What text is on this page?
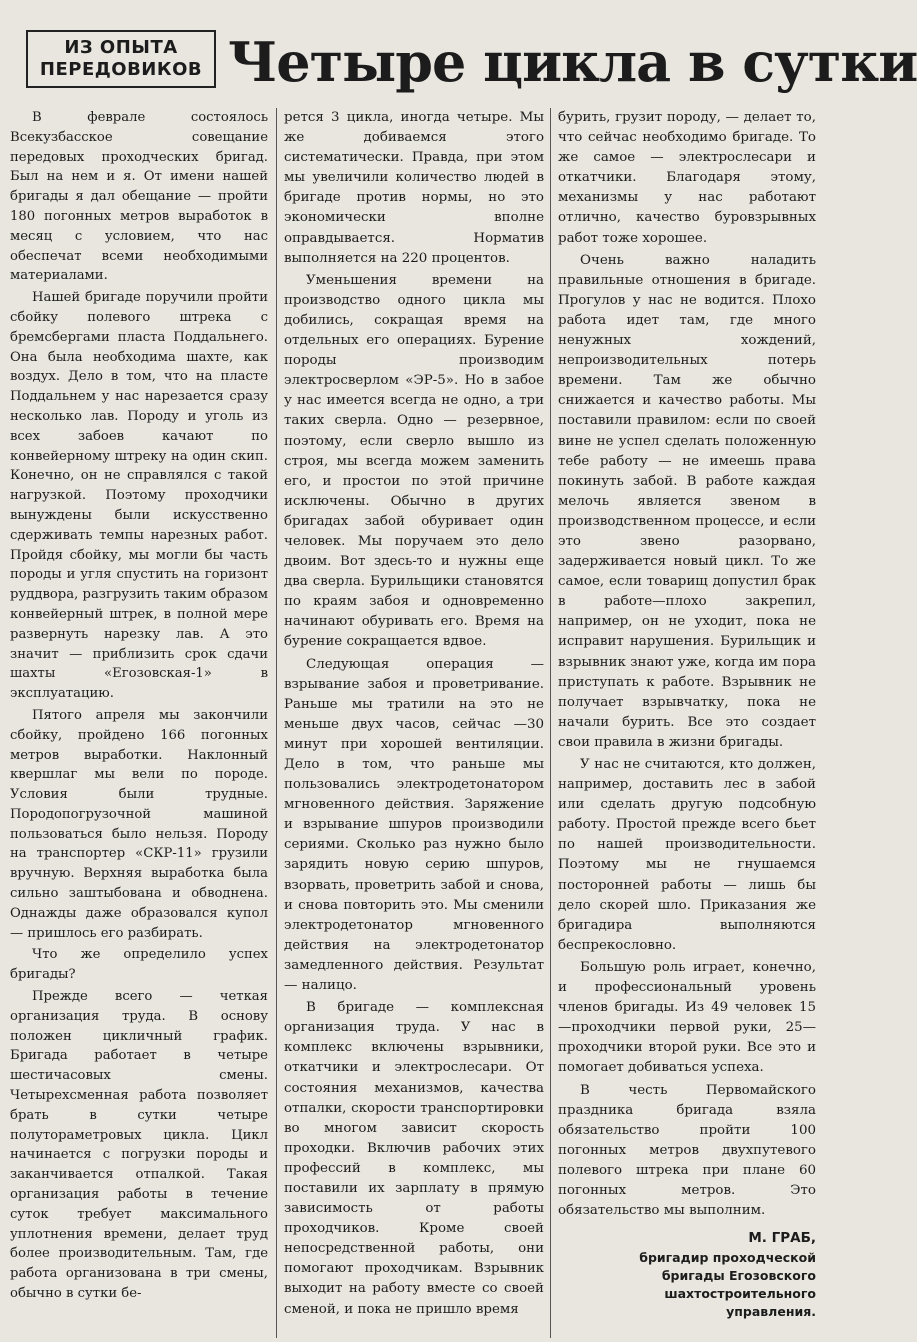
ИЗ ОПЫТА
ПЕРЕДОВИКОВ Четыре цикла в сутки

В феврале состоялось Всекузбасское совещание передовых проходческих бригад. Был на нем и я. От имени нашей бригады я дал обещание — пройти 180 погонных метров выработок в месяц с условием, что нас обеспечат всеми необходимыми материалами.

Нашей бригаде поручили пройти сбойку полевого штрека с бремсбергами пласта Поддальнего. Она была необходима шахте, как воздух. Дело в том, что на пласте Поддальнем у нас нарезается сразу несколько лав. Породу и уголь из всех забоев качают по конвейерному штреку на один скип. Конечно, он не справлялся с такой нагрузкой. Поэтому проходчики вынуждены были искусственно сдерживать темпы нарезных работ. Пройдя сбойку, мы могли бы часть породы и угля спустить на горизонт руддвора, разгрузить таким образом конвейерный штрек, в полной мере развернуть нарезку лав. А это значит — приблизить срок сдачи шахты «Егозовская-1» в эксплуатацию.

Пятого апреля мы закончили сбойку, пройдено 166 погонных метров выработки. Наклонный квершлаг мы вели по породе. Условия были трудные. Породопогрузочной машиной пользоваться было нельзя. Породу на транспортер «СКР-11» грузили вручную. Верхняя выработка была сильно заштыбована и обводнена. Однажды даже образовался купол — пришлось его разбирать.

Что же определило успех бригады?

Прежде всего — четкая организация труда. В основу положен цикличный график. Бригада работает в четыре шестичасовых смены. Четырехсменная работа позволяет брать в сутки четыре полутораметровых цикла. Цикл начинается с погрузки породы и заканчивается отпалкой. Такая организация работы в течение суток требует максимального уплотнения времени, делает труд более производительным. Там, где работа организована в три смены, обычно в сутки бе-

рется 3 цикла, иногда четыре. Мы же добиваемся этого систематически. Правда, при этом мы увеличили количество людей в бригаде против нормы, но это экономически вполне оправдывается. Норматив выполняется на 220 процентов.

Уменьшения времени на производство одного цикла мы добились, сокращая время на отдельных его операциях. Бурение породы производим электросверлом «ЭР-5». Но в забое у нас имеется всегда не одно, а три таких сверла. Одно — резервное, поэтому, если сверло вышло из строя, мы всегда можем заменить его, и простои по этой причине исключены. Обычно в других бригадах забой обуривает один человек. Мы поручаем это дело двоим. Вот здесь-то и нужны еще два сверла. Бурильщики становятся по краям забоя и одновременно начинают обуривать его. Время на бурение сокращается вдвое.

Следующая операция — взрывание забоя и проветривание. Раньше мы тратили на это не меньше двух часов, сейчас —30 минут при хорошей вентиляции. Дело в том, что раньше мы пользовались электродетонатором мгновенного действия. Заряжение и взрывание шпуров производили сериями. Сколько раз нужно было зарядить новую серию шпуров, взорвать, проветрить забой и снова, и снова повторить это. Мы сменили электродетонатор мгновенного действия на электродетонатор замедленного действия. Результат — налицо.

В бригаде — комплексная организация труда. У нас в комплекс включены взрывники, откатчики и электрослесари. От состояния механизмов, качества отпалки, скорости транспортировки во многом зависит скорость проходки. Включив рабочих этих профессий в комплекс, мы поставили их зарплату в прямую зависимость от работы проходчиков. Кроме своей непосредственной работы, они помогают проходчикам. Взрывник выходит на работу вместе со своей сменой, и пока не пришло время

бурить, грузит породу, — делает то, что сейчас необходимо бригаде. То же самое — электрослесари и откатчики. Благодаря этому, механизмы у нас работают отлично, качество буровзрывных работ тоже хорошее.

Очень важно наладить правильные отношения в бригаде. Прогулов у нас не водится. Плохо работа идет там, где много ненужных хождений, непроизводительных потерь времени. Там же обычно снижается и качество работы. Мы поставили правилом: если по своей вине не успел сделать положенную тебе работу — не имеешь права покинуть забой. В работе каждая мелочь является звеном в производственном процессе, и если это звено разорвано, задерживается новый цикл. То же самое, если товарищ допустил брак в работе—плохо закрепил, например, он не уходит, пока не исправит нарушения. Бурильщик и взрывник знают уже, когда им пора приступать к работе. Взрывник не получает взрывчатку, пока не начали бурить. Все это создает свои правила в жизни бригады.

У нас не считаются, кто должен, например, доставить лес в забой или сделать другую подсобную работу. Простой прежде всего бьет по нашей производительности. Поэтому мы не гнушаемся посторонней работы — лишь бы дело скорей шло. Приказания же бригадира выполняются беспрекословно.

Большую роль играет, конечно, и профессиональный уровень членов бригады. Из 49 человек 15—проходчики первой руки, 25—проходчики второй руки. Все это и помогает добиваться успеха.

В честь Первомайского праздника бригада взяла обязательство пройти 100 погонных метров двухпутевого полевого штрека при плане 60 погонных метров. Это обязательство мы выполним.

М. ГРАБ,
бригадир проходческой
бригады Егозовского
шахтостроительного
управления.
